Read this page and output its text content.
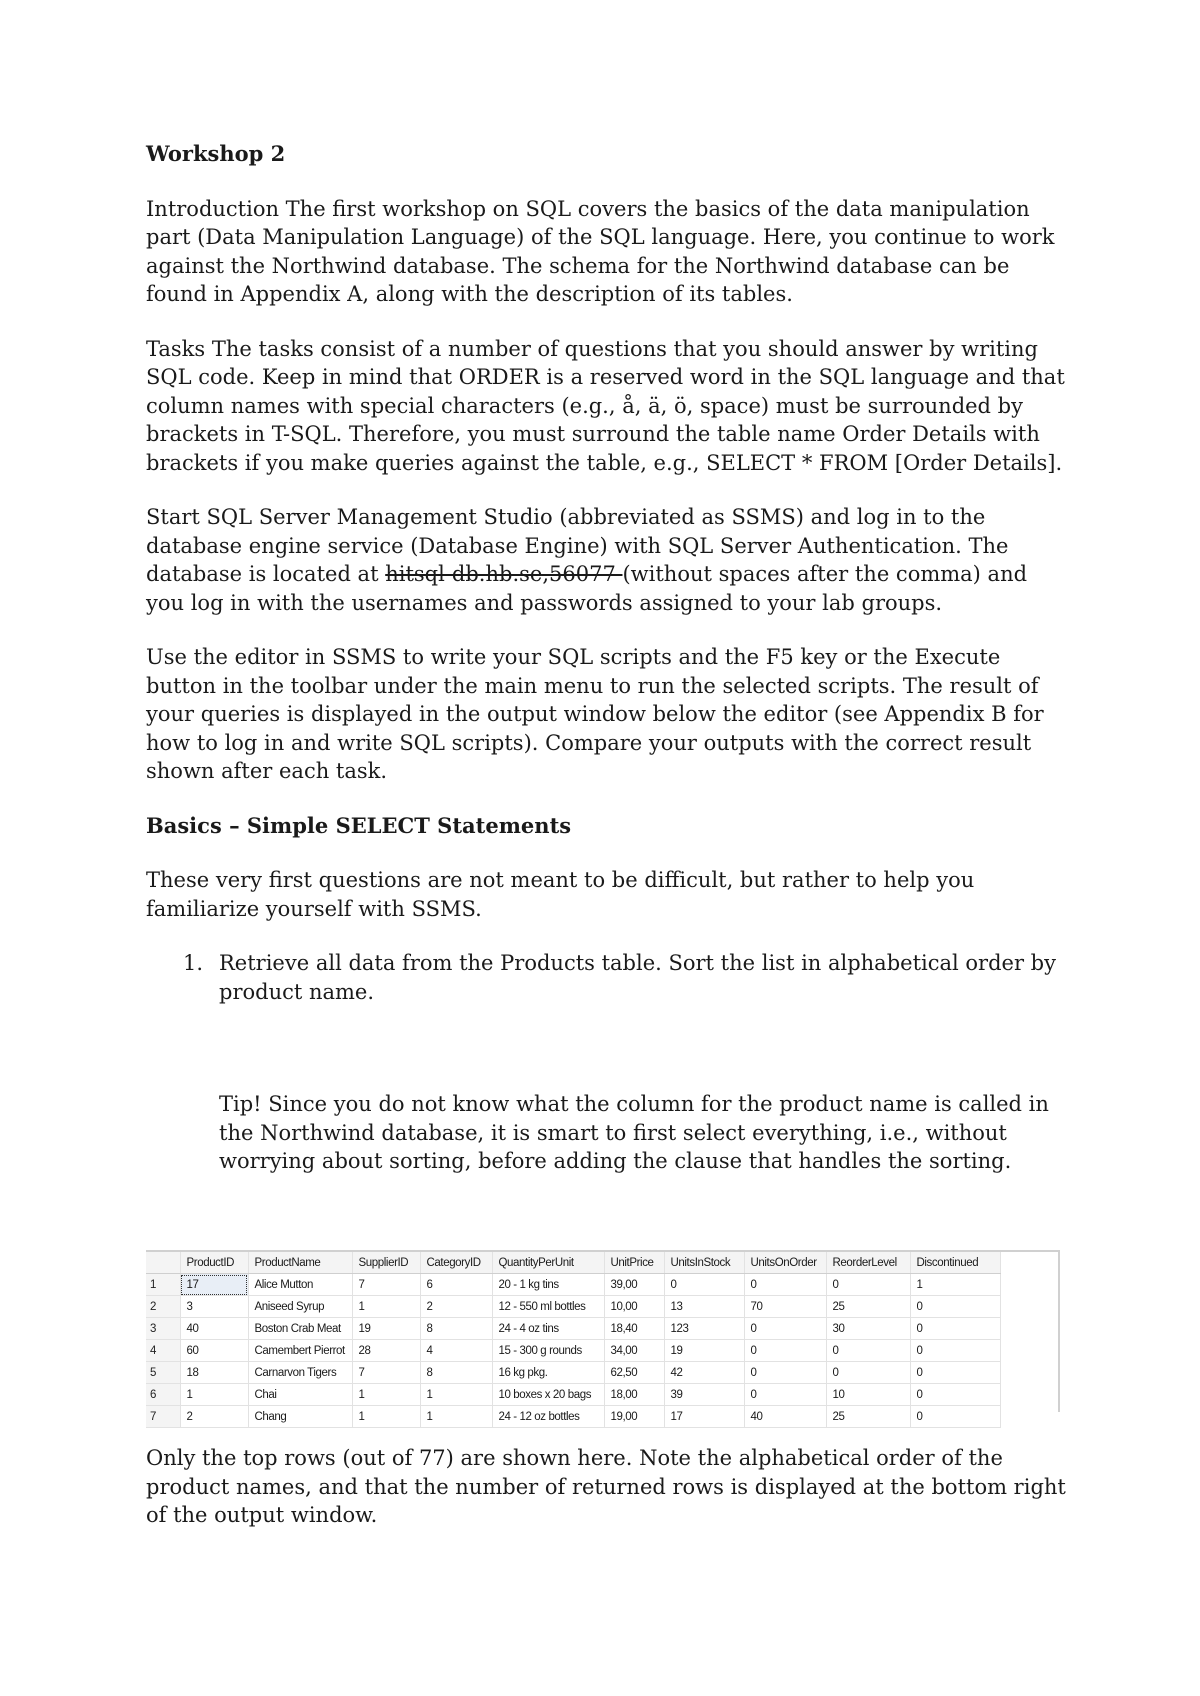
Workshop 2

Introduction The first workshop on SQL covers the basics of the data manipulation part (Data Manipulation Language) of the SQL language. Here, you continue to work against the Northwind database. The schema for the Northwind database can be found in Appendix A, along with the description of its tables.

Tasks The tasks consist of a number of questions that you should answer by writing SQL code. Keep in mind that ORDER is a reserved word in the SQL language and that column names with special characters (e.g., å, ä, ö, space) must be surrounded by brackets in T-SQL. Therefore, you must surround the table name Order Details with brackets if you make queries against the table, e.g., SELECT * FROM [Order Details].

Start SQL Server Management Studio (abbreviated as SSMS) and log in to the database engine service (Database Engine) with SQL Server Authentication. The database is located at hitsql-db.hb.se,56077 (without spaces after the comma) and you log in with the usernames and passwords assigned to your lab groups.

Use the editor in SSMS to write your SQL scripts and the F5 key or the Execute button in the toolbar under the main menu to run the selected scripts. The result of your queries is displayed in the output window below the editor (see Appendix B for how to log in and write SQL scripts). Compare your outputs with the correct result shown after each task.

Basics – Simple SELECT Statements

These very first questions are not meant to be difficult, but rather to help you familiarize yourself with SSMS.

1. Retrieve all data from the Products table. Sort the list in alphabetical order by product name.
Tip! Since you do not know what the column for the product name is called in the Northwind database, it is smart to first select everything, i.e., without worrying about sorting, before adding the clause that handles the sorting.
	ProductID	ProductName	SupplierID	CategoryID	QuantityPerUnit	UnitPrice	UnitsInStock	UnitsOnOrder	ReorderLevel	Discontinued
1	17	Alice Mutton	7	6	20 - 1 kg tins	39,00	0	0	0	1
2	3	Aniseed Syrup	1	2	12 - 550 ml bottles	10,00	13	70	25	0
3	40	Boston Crab Meat	19	8	24 - 4 oz tins	18,40	123	0	30	0
4	60	Camembert Pierrot	28	4	15 - 300 g rounds	34,00	19	0	0	0
5	18	Carnarvon Tigers	7	8	16 kg pkg.	62,50	42	0	0	0
6	1	Chai	1	1	10 boxes x 20 bags	18,00	39	0	10	0
7	2	Chang	1	1	24 - 12 oz bottles	19,00	17	40	25	0
Only the top rows (out of 77) are shown here. Note the alphabetical order of the product names, and that the number of returned rows is displayed at the bottom right of the output window.
